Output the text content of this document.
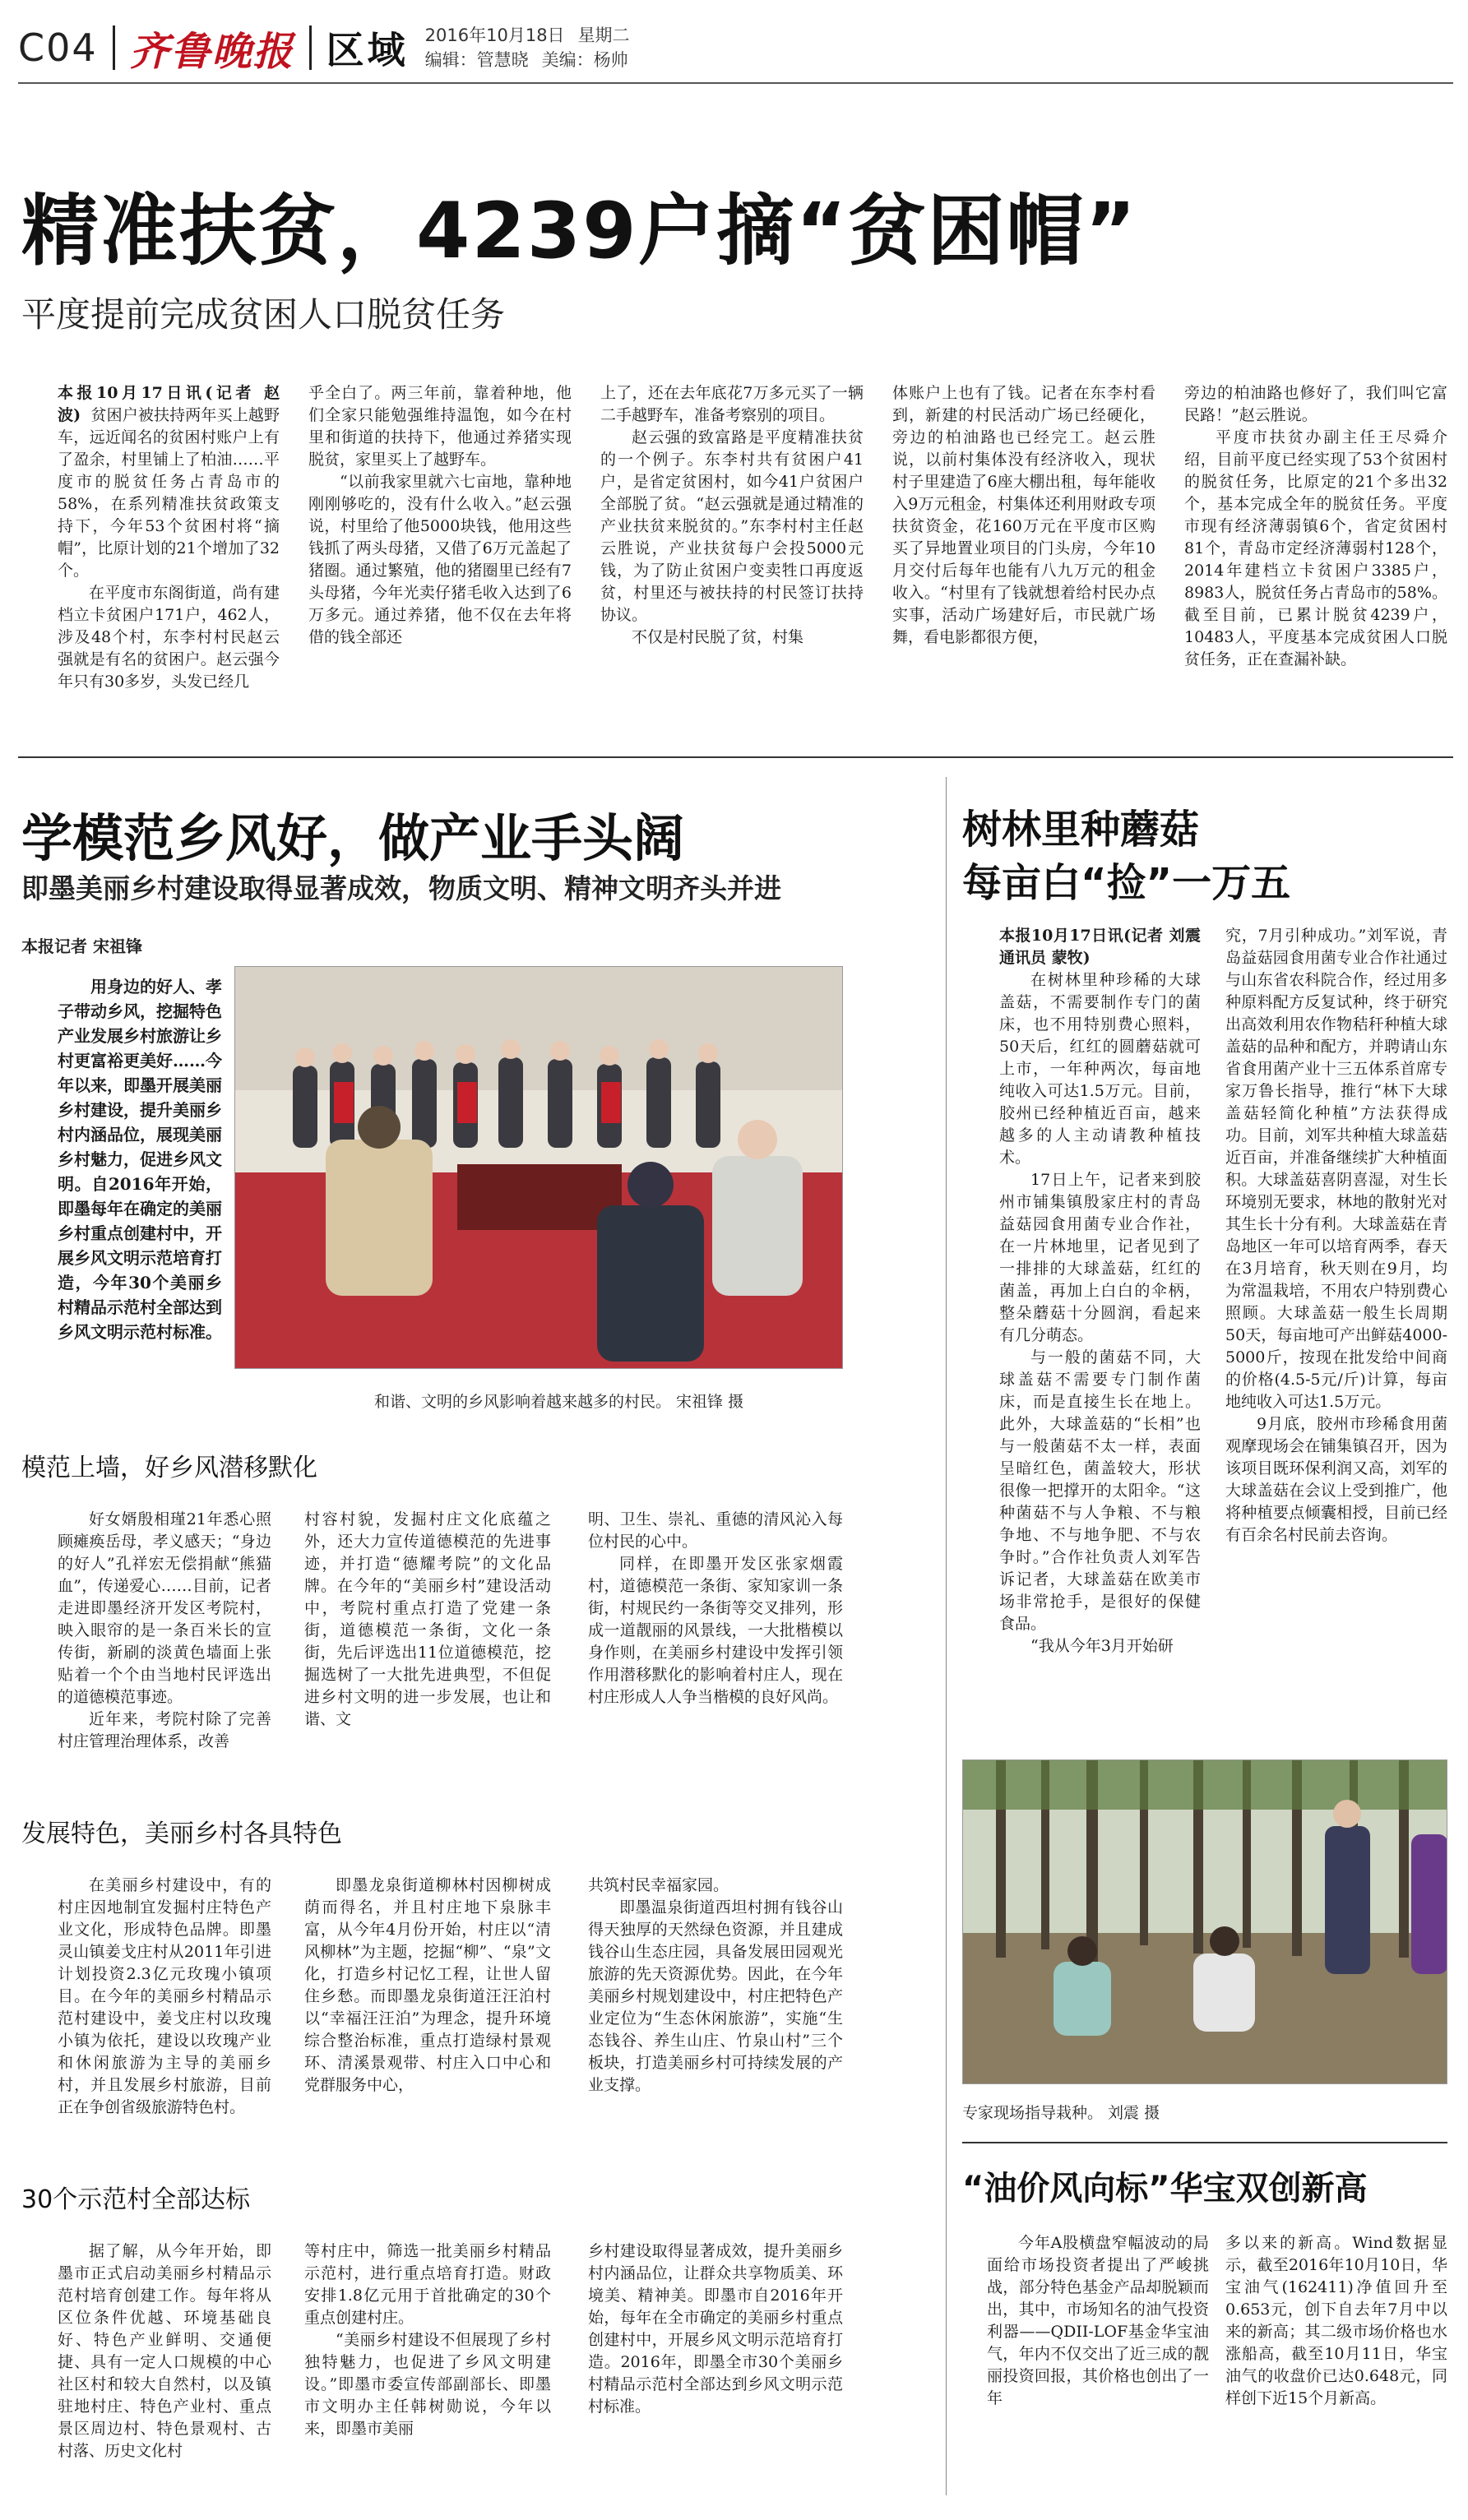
C04 齐鲁晚报 区域 2016年10月18日 星期二
编辑：管慧晓 美编：杨帅
精准扶贫，4239户摘“贫困帽”
平度提前完成贫困人口脱贫任务

本报10月17日讯(记者 赵波) 贫困户被扶持两年买上越野车，远近闻名的贫困村账户上有了盈余，村里铺上了柏油……平度市的脱贫任务占青岛市的58%，在系列精准扶贫政策支持下，今年53个贫困村将“摘帽”，比原计划的21个增加了32个。

在平度市东阁街道，尚有建档立卡贫困户171户，462人，涉及48个村，东李村村民赵云强就是有名的贫困户。赵云强今年只有30多岁，头发已经几

乎全白了。两三年前，靠着种地，他们全家只能勉强维持温饱，如今在村里和街道的扶持下，他通过养猪实现脱贫，家里买上了越野车。

“以前我家里就六七亩地，靠种地刚刚够吃的，没有什么收入。”赵云强说，村里给了他5000块钱，他用这些钱抓了两头母猪，又借了6万元盖起了猪圈。通过繁殖，他的猪圈里已经有7头母猪，今年光卖仔猪毛收入达到了6万多元。通过养猪，他不仅在去年将借的钱全部还

上了，还在去年底花7万多元买了一辆二手越野车，准备考察别的项目。

赵云强的致富路是平度精准扶贫的一个例子。东李村共有贫困户41户，是省定贫困村，如今41户贫困户全部脱了贫。“赵云强就是通过精准的产业扶贫来脱贫的。”东李村村主任赵云胜说，产业扶贫每户会投5000元钱，为了防止贫困户变卖牲口再度返贫，村里还与被扶持的村民签订扶持协议。

不仅是村民脱了贫，村集

体账户上也有了钱。记者在东李村看到，新建的村民活动广场已经硬化，旁边的柏油路也已经完工。赵云胜说，以前村集体没有经济收入，现状村子里建造了6座大棚出租，每年能收入9万元租金，村集体还利用财政专项扶贫资金，花160万元在平度市区购买了异地置业项目的门头房，今年10月交付后每年也能有八九万元的租金收入。“村里有了钱就想着给村民办点实事，活动广场建好后，市民就广场舞，看电影都很方便，

旁边的柏油路也修好了，我们叫它富民路！”赵云胜说。

平度市扶贫办副主任王尽舜介绍，目前平度已经实现了53个贫困村的脱贫任务，比原定的21个多出32个，基本完成全年的脱贫任务。平度市现有经济薄弱镇6个，省定贫困村81个，青岛市定经济薄弱村128个，2014年建档立卡贫困户3385户，8983人，脱贫任务占青岛市的58%。截至目前，已累计脱贫4239户，10483人，平度基本完成贫困人口脱贫任务，正在查漏补缺。

学模范乡风好，做产业手头阔
即墨美丽乡村建设取得显著成效，物质文明、精神文明齐头并进
本报记者 宋祖锋

用身边的好人、孝子带动乡风，挖掘特色产业发展乡村旅游让乡村更富裕更美好……今年以来，即墨开展美丽乡村建设，提升美丽乡村内涵品位，展现美丽乡村魅力，促进乡风文明。自2016年开始，即墨每年在确定的美丽乡村重点创建村中，开展乡风文明示范培育打造，今年30个美丽乡村精品示范村全部达到乡风文明示范村标准。

和谐、文明的乡风影响着越来越多的村民。 宋祖锋 摄
模范上墙，好乡风潜移默化

好女婿殷相瑾21年悉心照顾瘫痪岳母，孝义感天；“身边的好人”孔祥宏无偿捐献“熊猫血”，传递爱心……目前，记者走进即墨经济开发区考院村，映入眼帘的是一条百米长的宣传街，新刷的淡黄色墙面上张贴着一个个由当地村民评选出的道德模范事迹。

近年来，考院村除了完善村庄管理治理体系，改善

村容村貌，发掘村庄文化底蕴之外，还大力宣传道德模范的先进事迹，并打造“德耀考院”的文化品牌。在今年的“美丽乡村”建设活动中，考院村重点打造了党建一条街，道德模范一条街，文化一条街，先后评选出11位道德模范，挖掘选树了一大批先进典型，不但促进乡村文明的进一步发展，也让和谐、文

明、卫生、崇礼、重德的清风沁入每位村民的心中。

同样，在即墨开发区张家烟霞村，道德模范一条街、家知家训一条街，村规民约一条街等交叉排列，形成一道靓丽的风景线，一大批楷模以身作则，在美丽乡村建设中发挥引领作用潜移默化的影响着村庄人，现在村庄形成人人争当楷模的良好风尚。

发展特色，美丽乡村各具特色

在美丽乡村建设中，有的村庄因地制宜发掘村庄特色产业文化，形成特色品牌。即墨灵山镇姜戈庄村从2011年引进计划投资2.3亿元玫瑰小镇项目。在今年的美丽乡村精品示范村建设中，姜戈庄村以玫瑰小镇为依托，建设以玫瑰产业和休闲旅游为主导的美丽乡村，并且发展乡村旅游，目前正在争创省级旅游特色村。

即墨龙泉街道柳林村因柳树成荫而得名，并且村庄地下泉脉丰富，从今年4月份开始，村庄以“清风柳林”为主题，挖掘“柳”、“泉”文化，打造乡村记忆工程，让世人留住乡愁。而即墨龙泉街道汪汪泊村以“幸福汪汪泊”为理念，提升环境综合整治标准，重点打造绿村景观环、清溪景观带、村庄入口中心和党群服务中心，

共筑村民幸福家园。

即墨温泉街道西坦村拥有钱谷山得天独厚的天然绿色资源，并且建成钱谷山生态庄园，具备发展田园观光旅游的先天资源优势。因此，在今年美丽乡村规划建设中，村庄把特色产业定位为“生态休闲旅游”，实施“生态钱谷、养生山庄、竹泉山村”三个板块，打造美丽乡村可持续发展的产业支撑。

30个示范村全部达标

据了解，从今年开始，即墨市正式启动美丽乡村精品示范村培育创建工作。每年将从区位条件优越、环境基础良好、特色产业鲜明、交通便捷、具有一定人口规模的中心社区村和较大自然村，以及镇驻地村庄、特色产业村、重点景区周边村、特色景观村、古村落、历史文化村

等村庄中，筛选一批美丽乡村精品示范村，进行重点培育打造。财政安排1.8亿元用于首批确定的30个重点创建村庄。

“美丽乡村建设不但展现了乡村独特魅力，也促进了乡风文明建设。”即墨市委宣传部副部长、即墨市文明办主任韩树勋说，今年以来，即墨市美丽

乡村建设取得显著成效，提升美丽乡村内涵品位，让群众共享物质美、环境美、精神美。即墨市自2016年开始，每年在全市确定的美丽乡村重点创建村中，开展乡风文明示范培育打造。2016年，即墨全市30个美丽乡村精品示范村全部达到乡风文明示范村标准。

树林里种蘑菇
每亩白“捡”一万五

本报10月17日讯(记者 刘震 通讯员 蒙牧)

在树林里种珍稀的大球盖菇，不需要制作专门的菌床，也不用特别费心照料，50天后，红红的圆蘑菇就可上市，一年种两次，每亩地纯收入可达1.5万元。目前，胶州已经种植近百亩，越来越多的人主动请教种植技术。

17日上午，记者来到胶州市铺集镇殷家庄村的青岛益菇园食用菌专业合作社，在一片林地里，记者见到了一排排的大球盖菇，红红的菌盖，再加上白白的伞柄，整朵蘑菇十分圆润，看起来有几分萌态。

与一般的菌菇不同，大球盖菇不需要专门制作菌床，而是直接生长在地上。此外，大球盖菇的“长相”也与一般菌菇不太一样，表面呈暗红色，菌盖较大，形状很像一把撑开的太阳伞。“这种菌菇不与人争粮、不与粮争地、不与地争肥、不与农争时。”合作社负责人刘军告诉记者，大球盖菇在欧美市场非常抢手，是很好的保健食品。

“我从今年3月开始研

究，7月引种成功。”刘军说，青岛益菇园食用菌专业合作社通过与山东省农科院合作，经过用多种原料配方反复试种，终于研究出高效利用农作物秸秆种植大球盖菇的品种和配方，并聘请山东省食用菌产业十三五体系首席专家万鲁长指导，推行“林下大球盖菇轻简化种植”方法获得成功。目前，刘军共种植大球盖菇近百亩，并准备继续扩大种植面积。大球盖菇喜阴喜湿，对生长环境别无要求，林地的散射光对其生长十分有利。大球盖菇在青岛地区一年可以培育两季，春天在3月培育，秋天则在9月，均为常温栽培，不用农户特别费心照顾。大球盖菇一般生长周期50天，每亩地可产出鲜菇4000-5000斤，按现在批发给中间商的价格(4.5-5元/斤)计算，每亩地纯收入可达1.5万元。

9月底，胶州市珍稀食用菌观摩现场会在铺集镇召开，因为该项目既环保利润又高，刘军的大球盖菇在会议上受到推广，他将种植要点倾囊相授，目前已经有百余名村民前去咨询。

专家现场指导栽种。 刘震 摄
“油价风向标”华宝双创新高

今年A股横盘窄幅波动的局面给市场投资者提出了严峻挑战，部分特色基金产品却脱颖而出，其中，市场知名的油气投资利器——QDII-LOF基金华宝油气，年内不仅交出了近三成的靓丽投资回报，其价格也创出了一年

多以来的新高。Wind数据显示，截至2016年10月10日，华宝油气(162411)净值回升至0.653元，创下自去年7月中以来的新高；其二级市场价格也水涨船高，截至10月11日，华宝油气的收盘价已达0.648元，同样创下近15个月新高。
